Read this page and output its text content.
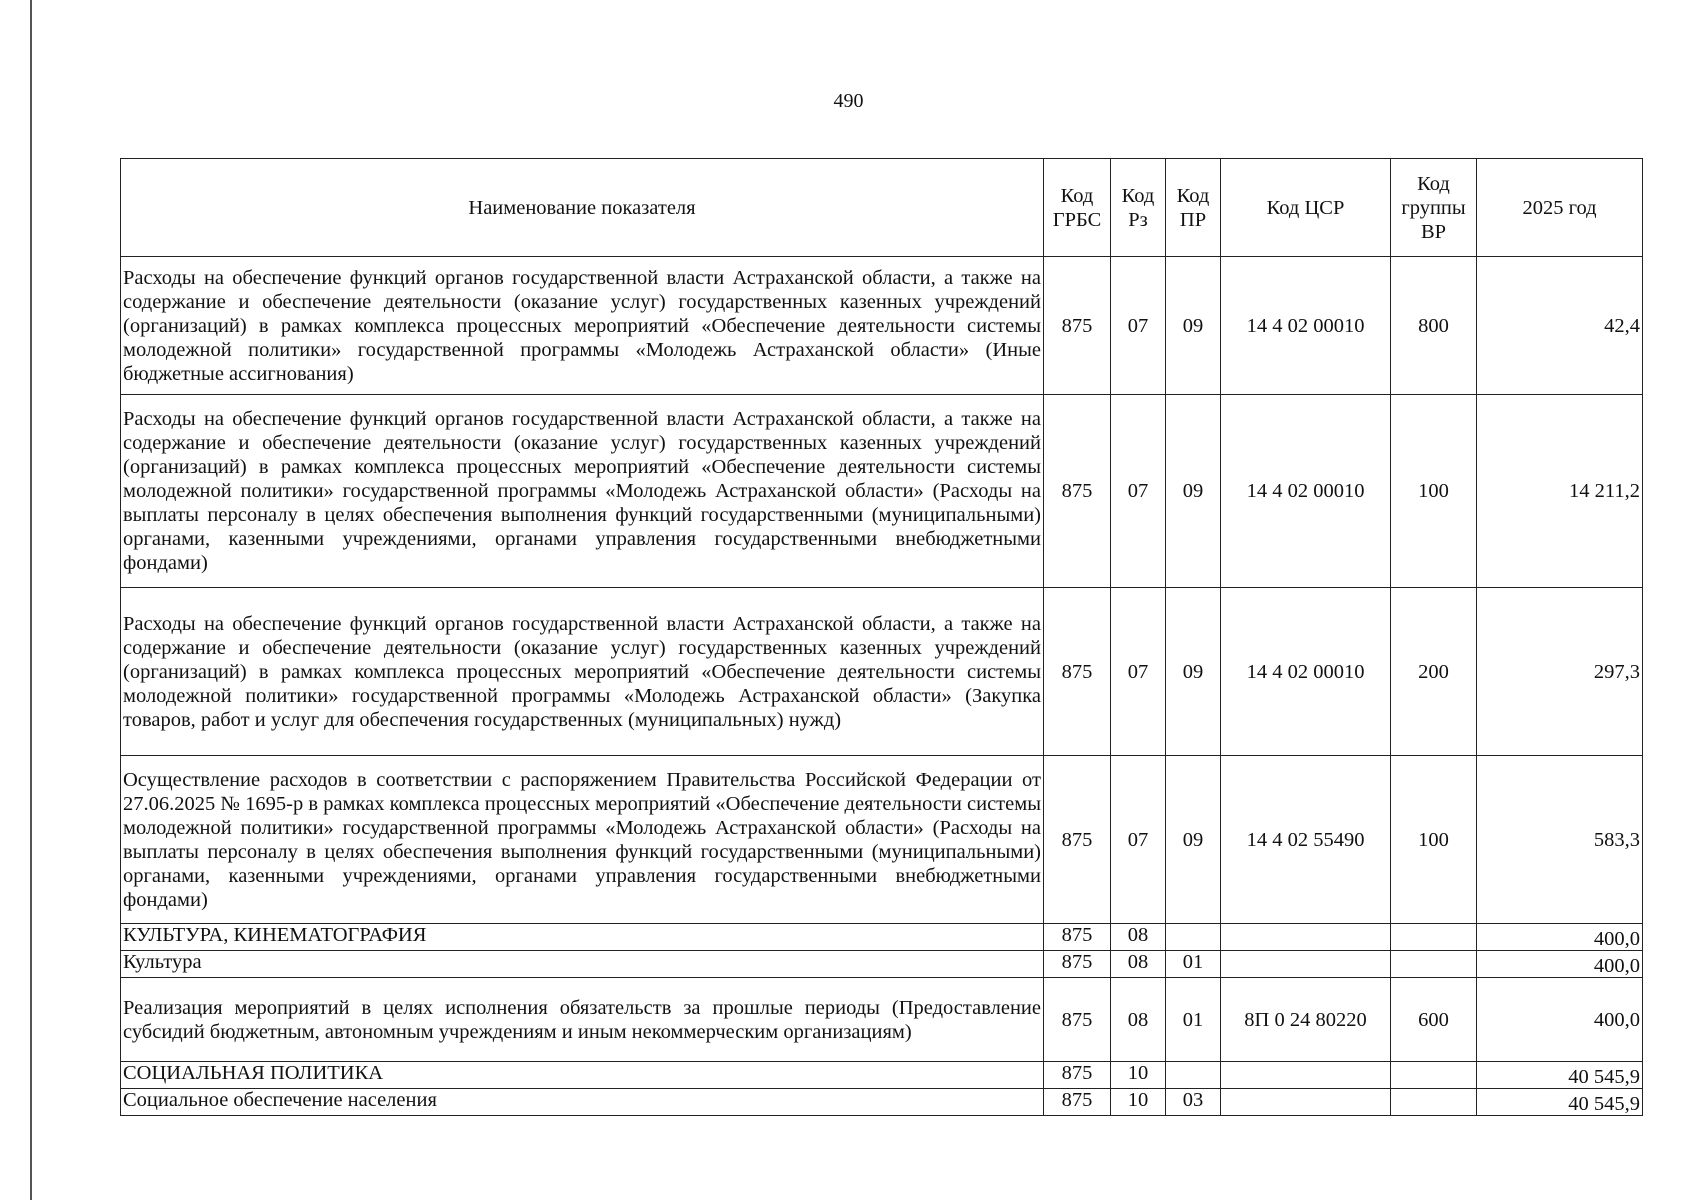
490
Наименование показателя	Код ГРБС	Код Рз	Код ПР	Код ЦСР	Код группы ВР	2025 год
Расходы на обеспечение функций органов государственной власти Астраханской области, а также на содержание и обеспечение деятельности (оказание услуг) государственных казенных учреждений (организаций) в рамках комплекса процессных мероприятий «Обеспечение деятельности системы молодежной политики» государственной программы «Молодежь Астраханской области» (Иные бюджетные ассигнования)	875	07	09	14 4 02 00010	800	42,4
Расходы на обеспечение функций органов государственной власти Астраханской области, а также на содержание и обеспечение деятельности (оказание услуг) государственных казенных учреждений (организаций) в рамках комплекса процессных мероприятий «Обеспечение деятельности системы молодежной политики» государственной программы «Молодежь Астраханской области» (Расходы на выплаты персоналу в целях обеспечения выполнения функций государственными (муниципальными) органами, казенными учреждениями, органами управления государственными внебюджетными фондами)	875	07	09	14 4 02 00010	100	14 211,2
Расходы на обеспечение функций органов государственной власти Астраханской области, а также на содержание и обеспечение деятельности (оказание услуг) государственных казенных учреждений (организаций) в рамках комплекса процессных мероприятий «Обеспечение деятельности системы молодежной политики» государственной программы «Молодежь Астраханской области» (Закупка товаров, работ и услуг для обеспечения государственных (муниципальных) нужд)	875	07	09	14 4 02 00010	200	297,3
Осуществление расходов в соответствии с распоряжением Правительства Российской Федерации от 27.06.2025 № 1695-р в рамках комплекса процессных мероприятий «Обеспечение деятельности системы молодежной политики» государственной программы «Молодежь Астраханской области» (Расходы на выплаты персоналу в целях обеспечения выполнения функций государственными (муниципальными) органами, казенными учреждениями, органами управления государственными внебюджетными фондами)	875	07	09	14 4 02 55490	100	583,3
КУЛЬТУРА, КИНЕМАТОГРАФИЯ	875	08				400,0
Культура	875	08	01			400,0
Реализация мероприятий в целях исполнения обязательств за прошлые периоды (Предоставление субсидий бюджетным, автономным учреждениям и иным некоммерческим организациям)	875	08	01	8П 0 24 80220	600	400,0
СОЦИАЛЬНАЯ ПОЛИТИКА	875	10				40 545,9
Социальное обеспечение населения	875	10	03			40 545,9
